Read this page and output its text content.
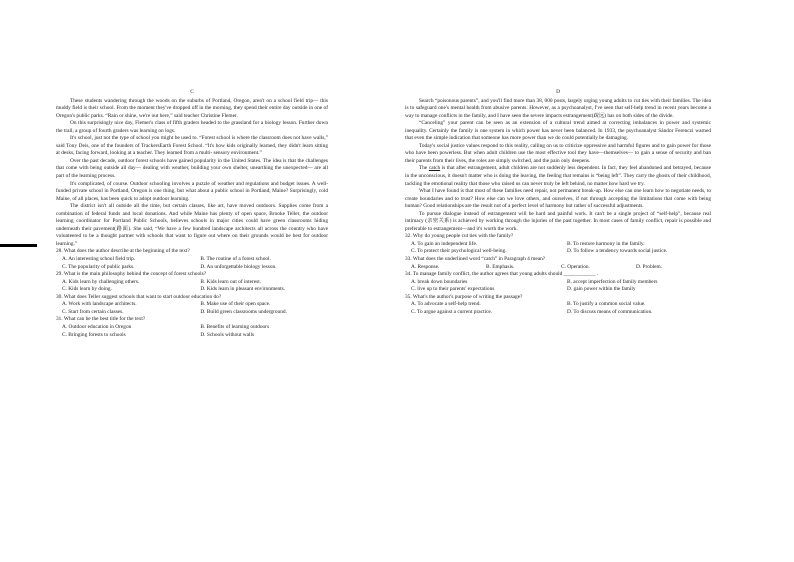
C
These students wandering through the woods on the suburbs of Portland, Oregon, aren't on a school field trip— this muddy field is their school. From the moment they've dropped off in the morning, they spend their entire day outside in one of Oregon's public parks. “Rain or shine, we're out here,” said teacher Christine Flemer.
On this surprisingly nice day, Flemer's class of fifth graders headed to the grassland for a biology lesson. Further down the trail, a group of fourth graders was learning on logs.
It's school, just not the type of school you might be used to. “Forest school is where the classroom does not have walls,” said Tony Deis, one of the founders of TrackersEarth Forest School. “It's how kids originally learned, they didn't learn sitting at desks, facing forward, looking at a teacher. They learned from a multi- sensory environment.”
Over the past decade, outdoor forest schools have gained popularity in the United States. The idea is that the challenges that come with being outside all day— dealing with weather, building your own shelter, unearthing the unexpected— are all part of the learning process.
It's complicated, of course. Outdoor schooling involves a puzzle of weather and regulations and budget issues. A well- funded private school in Portland, Oregon is one thing, but what about a public school in Portland, Maine? Surprisingly, cold Maine, of all places, has been quick to adopt outdoor learning.
The district isn't all outside all the time, but certain classes, like art, have moved outdoors. Supplies come from a combination of federal funds and local donations. And while Maine has plenty of open space, Brooke Teller, the outdoor learning coordinator for Portland Public Schools, believes schools in major cities could have green classrooms hiding underneath their pavement(路面). She said, “We have a few hundred landscape architects all across the country who have volunteered to be a thought partner with schools that want to figure out where on their grounds would be best for outdoor learning.”
28. What does the author describe at the beginning of the text?
A. An interesting school field trip.	B. The routine of a forest school.
C. The popularity of public parks.	D. An unforgettable biology lesson.
29. What is the main philosophy behind the concept of forest schools?
A. Kids learn by challenging others.	B. Kids learn out of interest.
C. Kids learn by doing.	D. Kids learn in pleasant environments.
30. What does Teller suggest schools that want to start outdoor education do?
A. Work with landscape architects.	B. Make use of their open space.
C. Start from certain classes.	D. Build green classrooms underground.
31. What can be the best title for the text?
A. Outdoor education in Oregon	B. Benefits of learning outdoors
C. Bringing forests to schools	D. Schools without walls
D
Search “poisonous parents”, and you'll find more than 38, 000 posts, largely urging young adults to cut ties with their families. The idea is to safeguard one's mental health from abusive parents. However, as a psychoanalyst, I've seen that self-help trend in recent years become a way to manage conflicts in the family, and I have seen the severe impacts estrangement(疏远) has on both sides of the divide.
“Canceling” your parent can be seen as an extension of a cultural trend aimed at correcting imbalances in power and systemic inequality. Certainly the family is one system in which power has never been balanced. In 1933, the psychoanalyst Sándor Ferenczi warned that even the simple indication that someone has more power than we do could potentially be damaging.
Today's social justice values respond to this reality, calling on us to criticize oppressive and harmful figures and to gain power for those who have been powerless. But when adult children use the most effective tool they have—themselves— to gain a sense of security and ban their parents from their lives, the roles are simply switched, and the pain only deepens.
The catch is that after estrangement, adult children are not suddenly less dependent. In fact, they feel abandoned and betrayed, because in the unconscious, it doesn't matter who is doing the leaving, the feeling that remains is “being left”. They carry the ghosts of their childhood, tackling the emotional reality that those who raised us can never truly be left behind, no matter how hard we try.
What I have found is that most of these families need repair, not permanent break-up. How else can one learn how to negotiate needs, to create boundaries and to trust? How else can we love others, and ourselves, if not through accepting the limitations that come with being human? Good relationships are the result not of a perfect level of harmony but rather of successful adjustments.
To pursue dialogue instead of estrangement will be hard and painful work. It can't be a single project of “self-help”, because real intimacy (亲密关系) is achieved by working through the injuries of the past together. In most cases of family conflict, repair is possible and preferable to estrangement—and it's worth the work.
32. Why do young people cut ties with the family?
A. To gain an independent life.	B. To restore harmony in the family.
C. To protect their psychological well-being.	D. To follow a tendency towards social justice.
33. What does the underlined word “catch” in Paragraph 4 mean?
A. Response.	B. Emphasis.	C. Operation.	D. Problem.
34. To manage family conflict, the author agrees that young adults should ____________ .
A. break down boundaries	B. accept imperfection of family members
C. live up to their parents' expectations	D. gain power within the family
35. What's the author's purpose of writing the passage?
A. To advocate a self-help trend.	B. To justify a common social value.
C. To argue against a current practice.	D. To discuss means of communication.
